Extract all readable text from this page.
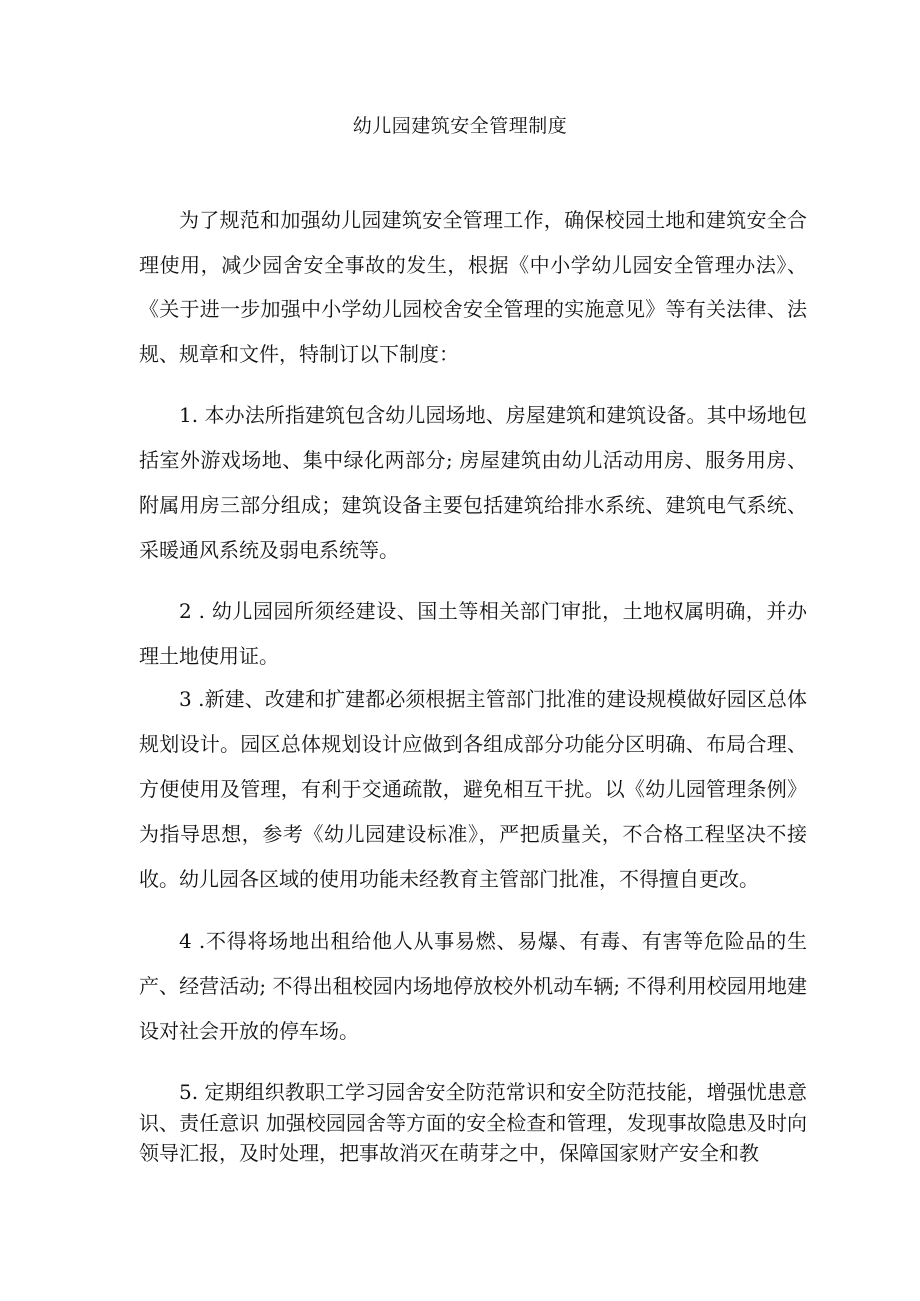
幼儿园建筑安全管理制度

为了规范和加强幼儿园建筑安全管理工作，确保校园土地和建筑安全合理使用，减少园舍安全事故的发生，根据《中小学幼儿园安全管理办法》、《关于进一步加强中小学幼儿园校舍安全管理的实施意见》等有关法律、法规、规章和文件，特制订以下制度：

1. 本办法所指建筑包含幼儿园场地、房屋建筑和建筑设备。其中场地包括室外游戏场地、集中绿化两部分; 房屋建筑由幼儿活动用房、服务用房、附属用房三部分组成；建筑设备主要包括建筑给排水系统、建筑电气系统、采暖通风系统及弱电系统等。

2 . 幼儿园园所须经建设、国土等相关部门审批，土地权属明确，并办理土地使用证。

3 .新建、改建和扩建都必须根据主管部门批准的建设规模做好园区总体规划设计。园区总体规划设计应做到各组成部分功能分区明确、布局合理、方便使用及管理，有利于交通疏散，避免相互干扰。以《幼儿园管理条例》为指导思想，参考《幼儿园建设标准》，严把质量关，不合格工程坚决不接收。幼儿园各区域的使用功能未经教育主管部门批准，不得擅自更改。

4 .不得将场地出租给他人从事易燃、易爆、有毒、有害等危险品的生产、经营活动; 不得出租校园内场地停放校外机动车辆; 不得利用校园用地建设对社会开放的停车场。

5. 定期组织教职工学习园舍安全防范常识和安全防范技能，增强忧患意识、责任意识 加强校园园舍等方面的安全检查和管理，发现事故隐患及时向领导汇报，及时处理，把事故消灭在萌芽之中，保障国家财产安全和教
